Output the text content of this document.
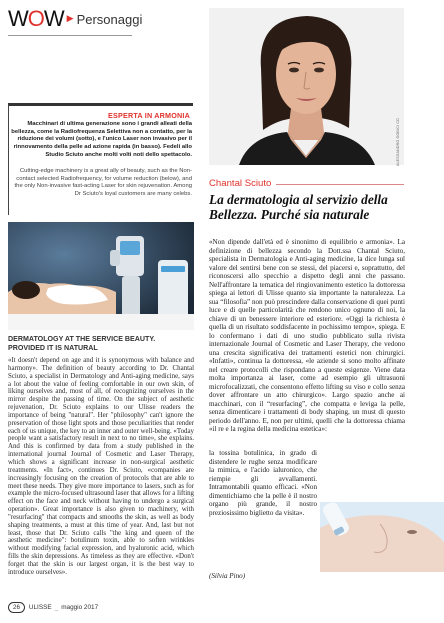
WOW ▶ Personaggi
ESPERTA IN ARMONIA
Macchinari di ultima generazione sono i grandi alleati della bellezza, come la Radiofrequenza Selettiva non a contatto, per la riduzione dei volumi (sotto), e l'unico Laser non invasivo per il rinnovamento della pelle ad azione rapida (in basso). Fedeli allo Studio Sciuto anche molti volti noti dello spettacolo.
Cutting-edge machinery is a great ally of beauty, such as the Non-contact selected Radiofrequency, for volume reduction (below), and the only Non-invasive fast-acting Laser for skin rejuvenation. Among Dr Sciuto's loyal customers are many celebs.
ALESSANDRO DOBICI CD
Chantal Sciuto
La dermatologia al servizio della Bellezza. Purché sia naturale
«Non dipende dall'età ed è sinonimo di equilibrio e armonia». La definizione di bellezza secondo la Dott.ssa Chantal Sciuto, specialista in Dermatologia e Anti-aging medicine, la dice lunga sul valore del sentirsi bene con se stessi, del piacersi e, soprattutto, del riconoscersi allo specchio a dispetto degli anni che passano. Nell'affrontare la tematica del ringiovanimento estetico la dottoressa spiega ai lettori di Ulisse quanto sia importante la naturalezza. La sua “filosofia” non può prescindere dalla conservazione di quei punti luce e di quelle particolarità che rendono unico ognuno di noi, la chiave di un benessere interiore ed esteriore. «Oggi la richiesta è quella di un risultato soddisfacente in pochissimo tempo», spiega. E lo confermano i dati di uno studio pubblicato sulla rivista internazionale Journal of Cosmetic and Laser Therapy, che vedono una crescita significativa dei trattamenti estetici non chirurgici. «Infatti», continua la dottoressa, «le aziende si sono molto affinate nel creare protocolli che rispondano a queste esigenze. Viene data molta importanza ai laser, come ad esempio gli ultrasuoni microfocalizzati, che consentono effetto lifting su viso e collo senza dover affrontare un atto chirurgico». Largo spazio anche ai macchinari, con il “resurfacing”, che compatta e leviga la pelle, senza dimenticare i trattamenti di body shaping, un must di questo periodo dell'anno. E, non per ultimi, quelli che la dottoressa chiama «il re e la regina della medicina estetica»:
la tossina botulinica, in grado di distendere le rughe senza modificare la mimica, e l'acido ialuronico, che riempie gli avvallamenti. Intramontabili quanto efficaci. «Non dimentichiamo che la pelle è il nostro organo più grande, il nostro preziosissimo biglietto da visita».
(Silvia Pino)
DERMATOLOGY AT THE SERVICE BEAUTY. PROVIDED IT IS NATURAL
«It doesn't depend on age and it is synonymous with balance and harmony». The definition of beauty according to Dr. Chantal Sciuto, a specialist in Dermatology and Anti-aging medicine, says a lot about the value of feeling comfortable in our own skin, of liking ourselves and, most of all, of recognizing ourselves in the mirror despite the passing of time. On the subject of aesthetic rejuvenation, Dr. Sciuto explains to our Ulisse readers the importance of being "natural". Her "philosophy" can't ignore the preservation of those light spots and those peculiarities that render each of us unique, the key to an inner and outer well-being. «Today people want a satisfactory result in next to no time», she explains. And this is confirmed by data from a study published in the international journal Journal of Cosmetic and Laser Therapy, which shows a significant increase in non-surgical aesthetic treatments. «In fact», continues Dr. Sciuto, «companies are increasingly focusing on the creation of protocols that are able to meet these needs. They give more importance to lasers, such as for example the micro-focused ultrasound laser that allows for a lifting effect on the face and neck without having to undergo a surgical operation». Great importance is also given to machinery, with "resurfacing" that compacts and smooths the skin, as well as body shaping treatments, a must at this time of year. And, last but not least, those that Dr. Sciuto calls "the king and queen of the aesthetic medicine": botulinum toxin, able to soften wrinkles without modifying facial expression, and hyaluronic acid, which fills the skin depressions. As timeless as they are effective. «Don't forget that the skin is our largest organ, it is the best way to introduce ourselves».
26	ULISSE _ maggio 2017
